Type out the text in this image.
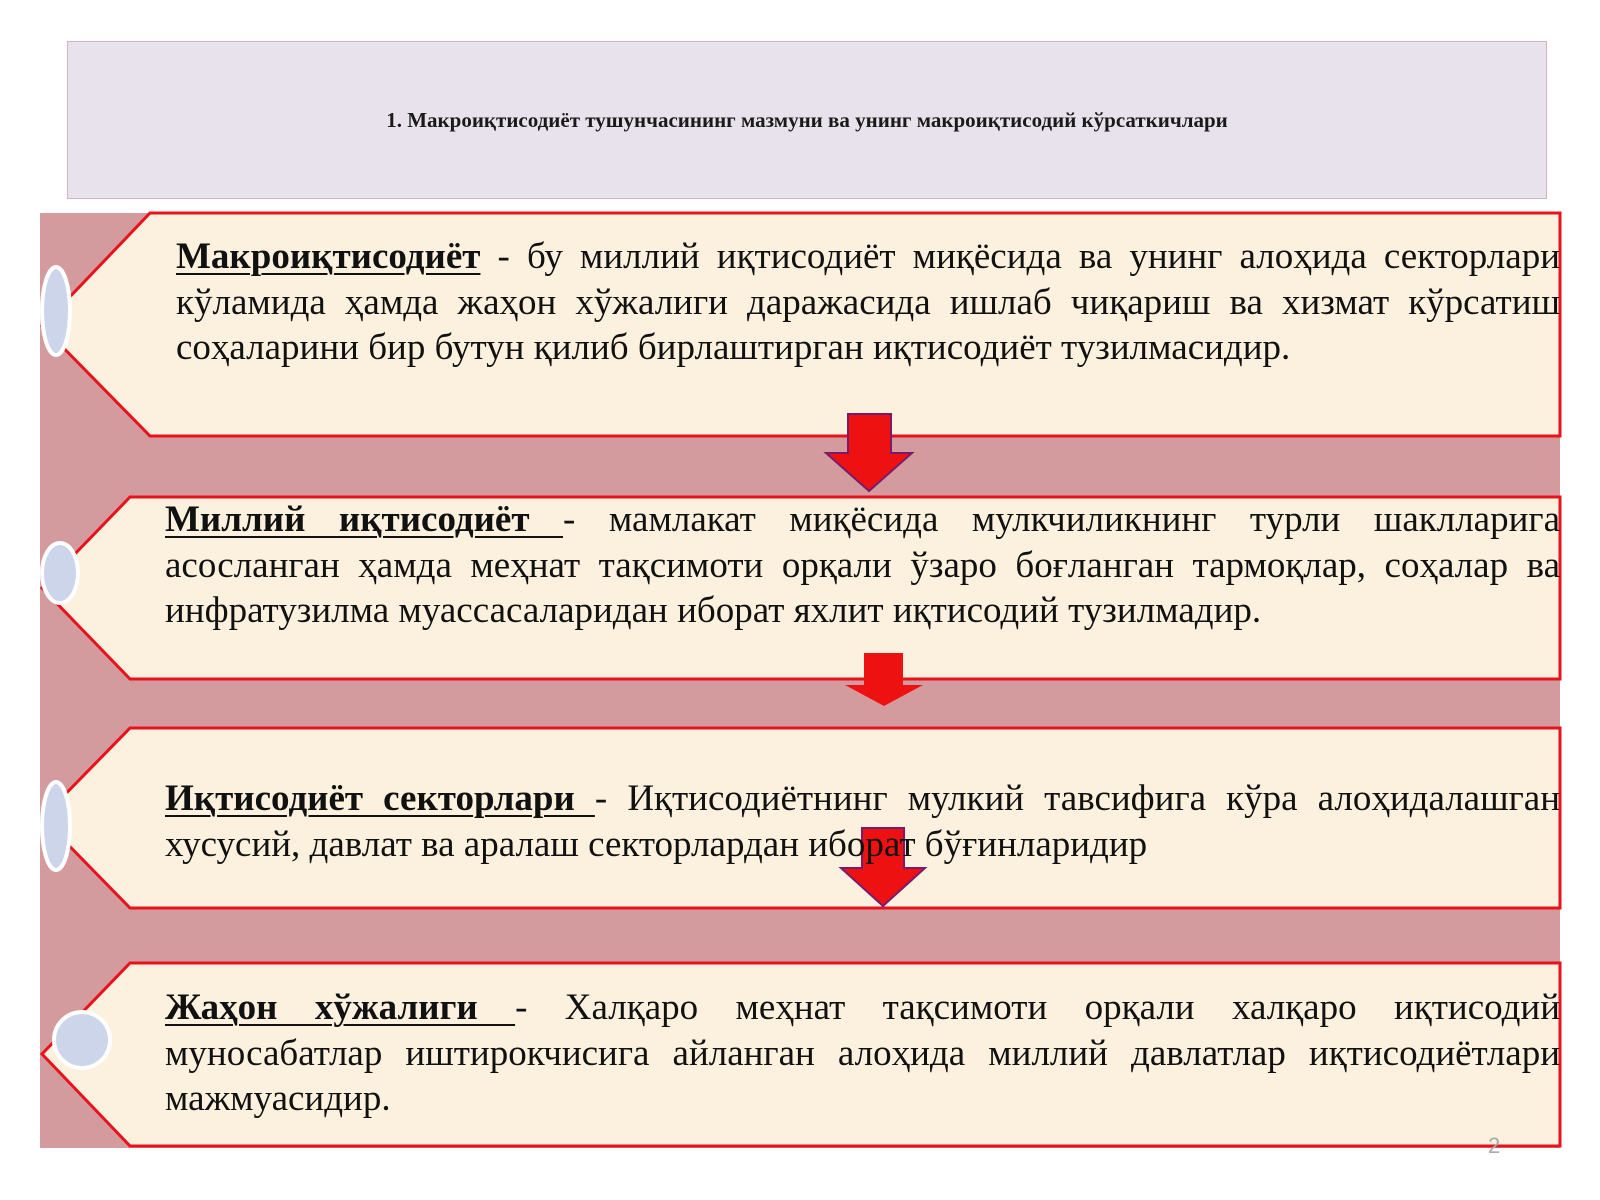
1. Макроиқтисодиёт тушунчасининг мазмуни ва унинг макроиқтисодий кўрсаткичлари
Макроиқтисодиёт - бу миллий иқтисодиёт миқёсида ва унинг алоҳида секторлари кўламида ҳамда жаҳон хўжалиги даражасида ишлаб чиқариш ва хизмат кўрсатиш соҳаларини бир бутун қилиб бирлаштирган иқтисодиёт тузилмасидир.
Миллий иқтисодиёт - мамлакат миқёсида мулкчиликнинг турли шаклларига асосланган ҳамда меҳнат тақсимоти орқали ўзаро боғланган тармоқлар, соҳалар ва инфратузилма муассасаларидан иборат яхлит иқтисодий тузилмадир.
Иқтисодиёт секторлари - Иқтисодиётнинг мулкий тавсифига кўра алоҳидалашган хусусий, давлат ва аралаш секторлардан иборат бўғинларидир
Жаҳон хўжалиги - Халқаро меҳнат тақсимоти орқали халқаро иқтисодий муносабатлар иштирокчисига айланган алоҳида миллий давлатлар иқтисодиётлари мажмуасидир.
2
